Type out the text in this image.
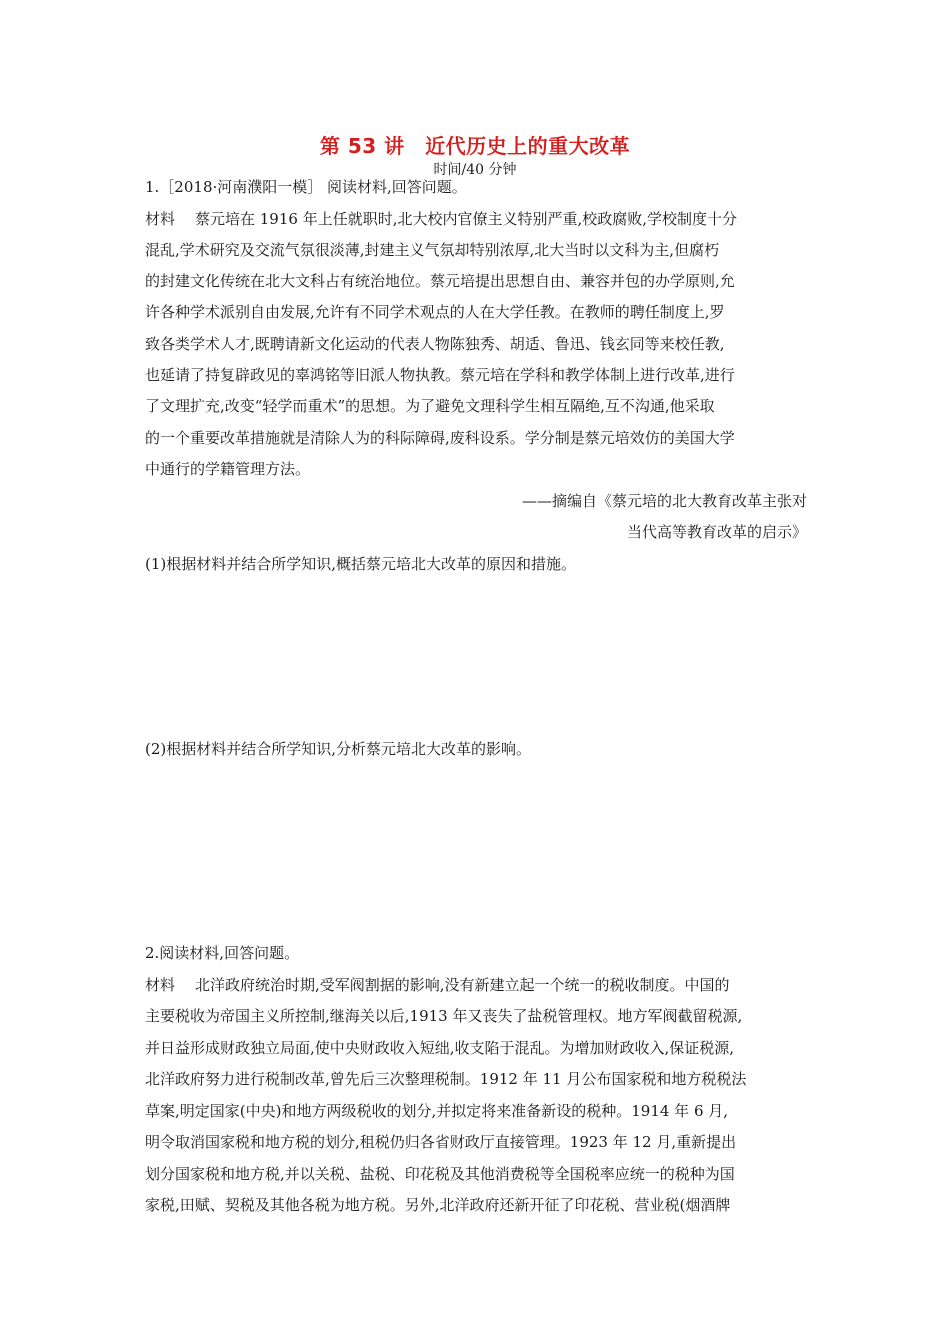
第 53 讲　近代历史上的重大改革
时间/40 分钟
1.［2018·河南濮阳一模］ 阅读材料,回答问题。
材料 蔡元培在 1916 年上任就职时,北大校内官僚主义特别严重,校政腐败,学校制度十分
混乱,学术研究及交流气氛很淡薄,封建主义气氛却特别浓厚,北大当时以文科为主,但腐朽
的封建文化传统在北大文科占有统治地位。蔡元培提出思想自由、兼容并包的办学原则,允
许各种学术派别自由发展,允许有不同学术观点的人在大学任教。在教师的聘任制度上,罗
致各类学术人才,既聘请新文化运动的代表人物陈独秀、胡适、鲁迅、钱玄同等来校任教,
也延请了持复辟政见的辜鸿铭等旧派人物执教。蔡元培在学科和教学体制上进行改革,进行
了文理扩充,改变“轻学而重术”的思想。为了避免文理科学生相互隔绝,互不沟通,他采取
的一个重要改革措施就是清除人为的科际障碍,废科设系。学分制是蔡元培效仿的美国大学
中通行的学籍管理方法。
——摘编自《蔡元培的北大教育改革主张对
当代高等教育改革的启示》
(1)根据材料并结合所学知识,概括蔡元培北大改革的原因和措施。
(2)根据材料并结合所学知识,分析蔡元培北大改革的影响。
2.阅读材料,回答问题。
材料 北洋政府统治时期,受军阀割据的影响,没有新建立起一个统一的税收制度。中国的
主要税收为帝国主义所控制,继海关以后,1913 年又丧失了盐税管理权。地方军阀截留税源,
并日益形成财政独立局面,使中央财政收入短绌,收支陷于混乱。为增加财政收入,保证税源,
北洋政府努力进行税制改革,曾先后三次整理税制。1912 年 11 月公布国家税和地方税税法
草案,明定国家(中央)和地方两级税收的划分,并拟定将来准备新设的税种。1914 年 6 月,
明令取消国家税和地方税的划分,租税仍归各省财政厅直接管理。1923 年 12 月,重新提出
划分国家税和地方税,并以关税、盐税、印花税及其他消费税等全国税率应统一的税种为国
家税,田赋、契税及其他各税为地方税。另外,北洋政府还新开征了印花税、营业税(烟酒牌
